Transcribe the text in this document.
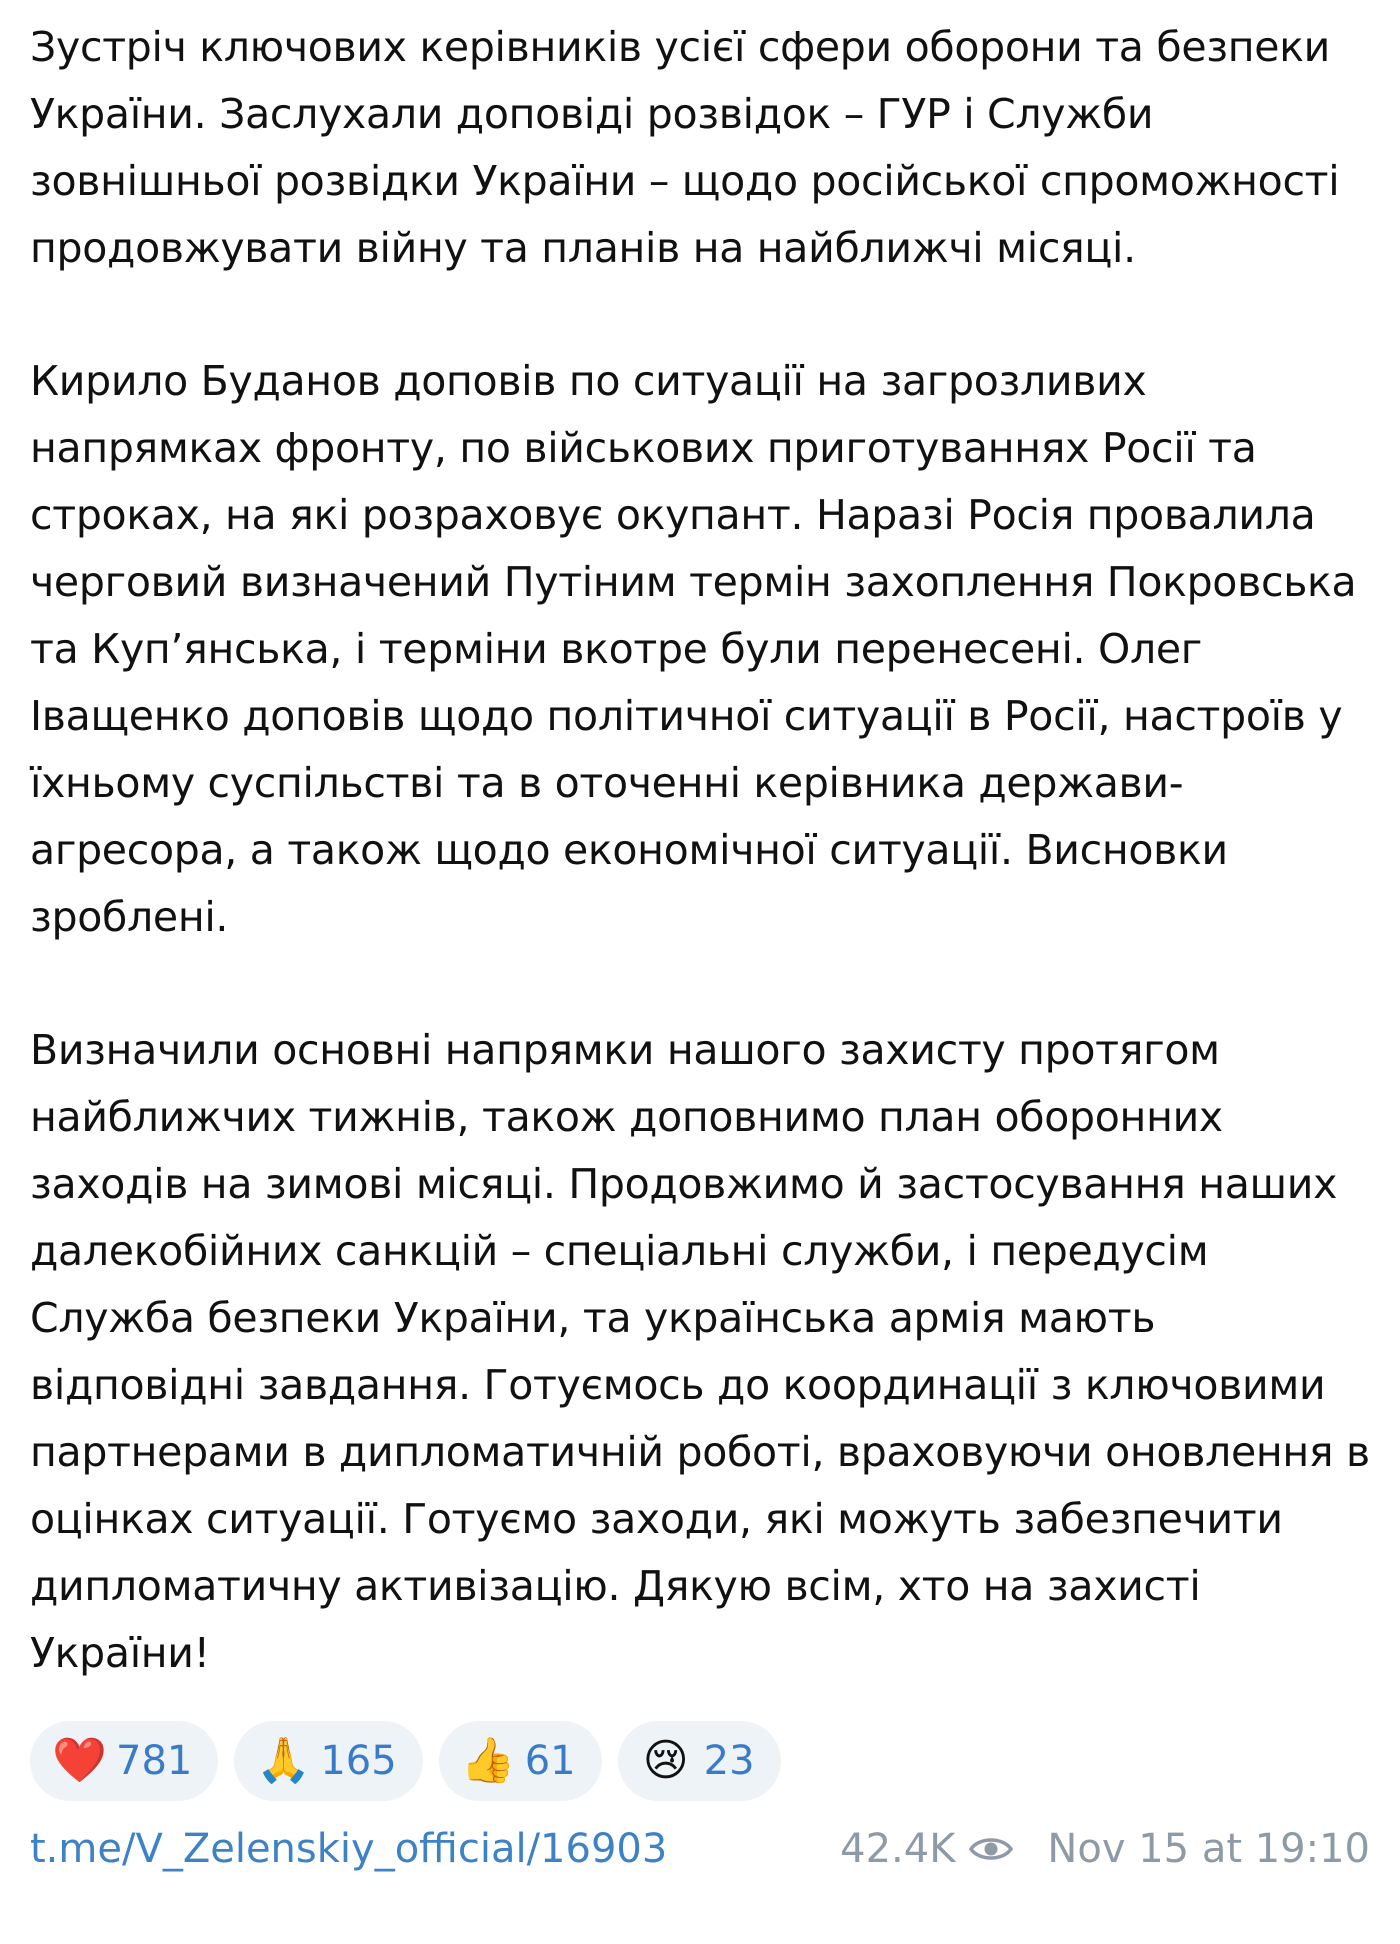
Зустріч ключових керівників усієї сфери оборони та безпеки України. Заслухали доповіді розвідок – ГУР і Служби зовнішньої розвідки України – щодо російської спроможності продовжувати війну та планів на найближчі місяці.

Кирило Буданов доповів по ситуації на загрозливих напрямках фронту, по військових приготуваннях Росії та строках, на які розраховує окупант. Наразі Росія провалила черговий визначений Путіним термін захоплення Покровська та Куп’янська, і терміни вкотре були перенесені. Олег Іващенко доповів щодо політичної ситуації в Росії, настроїв у їхньому суспільстві та в оточенні керівника держави-агресора, а також щодо економічної ситуації. Висновки зроблені.

Визначили основні напрямки нашого захисту протягом найближчих тижнів, також доповнимо план оборонних заходів на зимові місяці. Продовжимо й застосування наших далекобійних санкцій – спеціальні служби, і передусім Служба безпеки України, та українська армія мають відповідні завдання. Готуємось до координації з ключовими партнерами в дипломатичній роботі, враховуючи оновлення в оцінках ситуації. Готуємо заходи, які можуть забезпечити дипломатичну активізацію. Дякую всім, хто на захисті України!

❤️ 781 🙏 165 👍 61 😢 23
t.me/V_Zelenskiy_official/16903	42.4K Nov 15 at 19:10
